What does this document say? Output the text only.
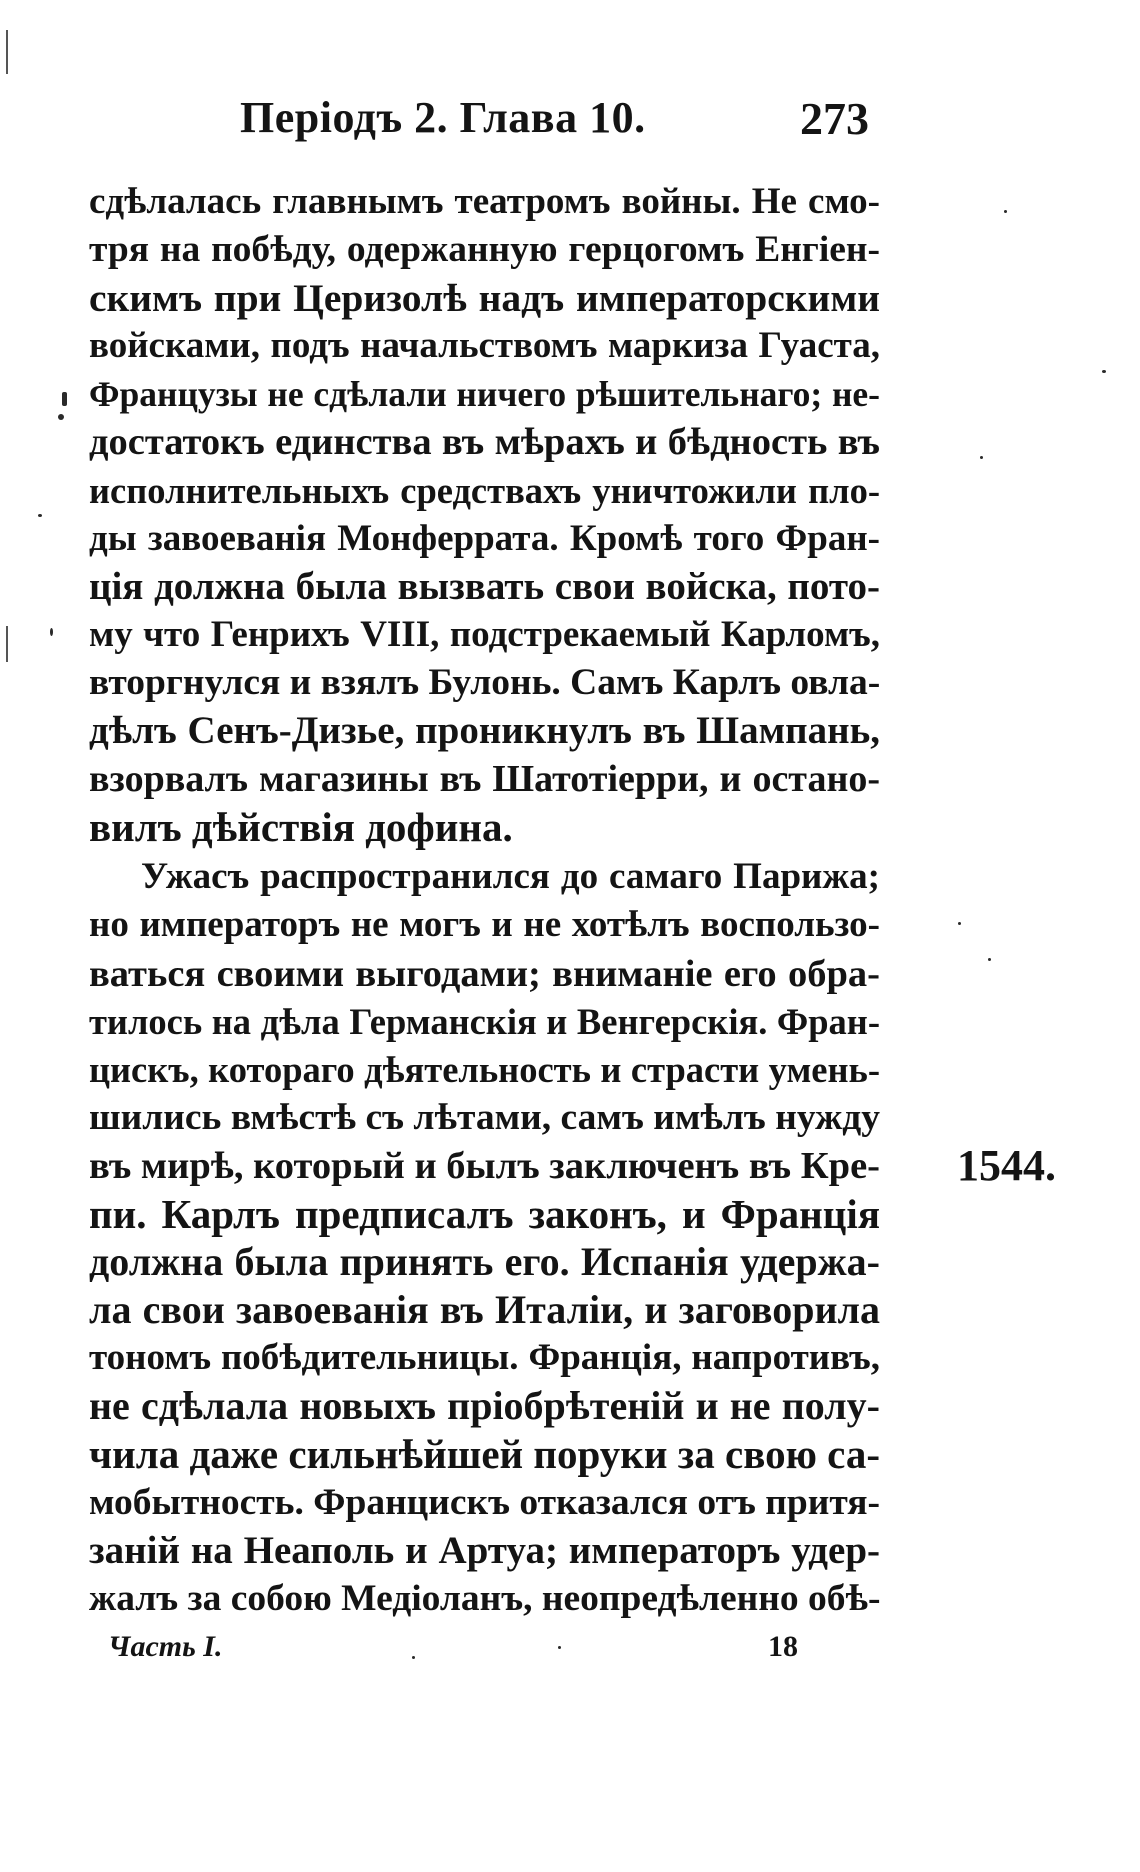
Періодъ 2. Глава 10.	273
сдѣлалась главнымъ театромъ войны. Не смо-
тря на побѣду, одержанную герцогомъ Енгіен-
скимъ при Церизолѣ надъ императорскими
войсками, подъ начальствомъ маркиза Гуаста,
Французы не сдѣлали ничего рѣшительнаго; не-
достатокъ единства въ мѣрахъ и бѣдность въ
исполнительныхъ средствахъ уничтожили пло-
ды завоеванія Монферрата. Кромѣ того Фран-
ція должна была вызвать свои войска, пото-
му что Генрихъ VIII, подстрекаемый Карломъ,
вторгнулся и взялъ Булонь. Самъ Карлъ овла-
дѣлъ Сенъ-Дизье, проникнулъ въ Шампань,
взорвалъ магазины въ Шатотіерри, и остано-
вилъ дѣйствія дофина.
Ужасъ распространился до самаго Парижа;
но императоръ не могъ и не хотѣлъ воспользо-
ваться своими выгодами; вниманіе его обра-
тилось на дѣла Германскія и Венгерскія. Фран-
цискъ, котораго дѣятельность и страсти умень-
шились вмѣстѣ съ лѣтами, самъ имѣлъ нужду
въ мирѣ, который и былъ заключенъ въ Кре-
пи. Карлъ предписалъ законъ, и Франція
должна была принять его. Испанія удержа-
ла свои завоеванія въ Италіи, и заговорила
тономъ побѣдительницы. Франція, напротивъ,
не сдѣлала новыхъ пріобрѣтеній и не полу-
чила даже сильнѣйшей поруки за свою са-
мобытность. Францискъ отказался отъ притя-
заній на Неаполь и Артуа; императоръ удер-
жалъ за собою Медіоланъ, неопредѣленно обѣ-
1544.
Часть I.	18
